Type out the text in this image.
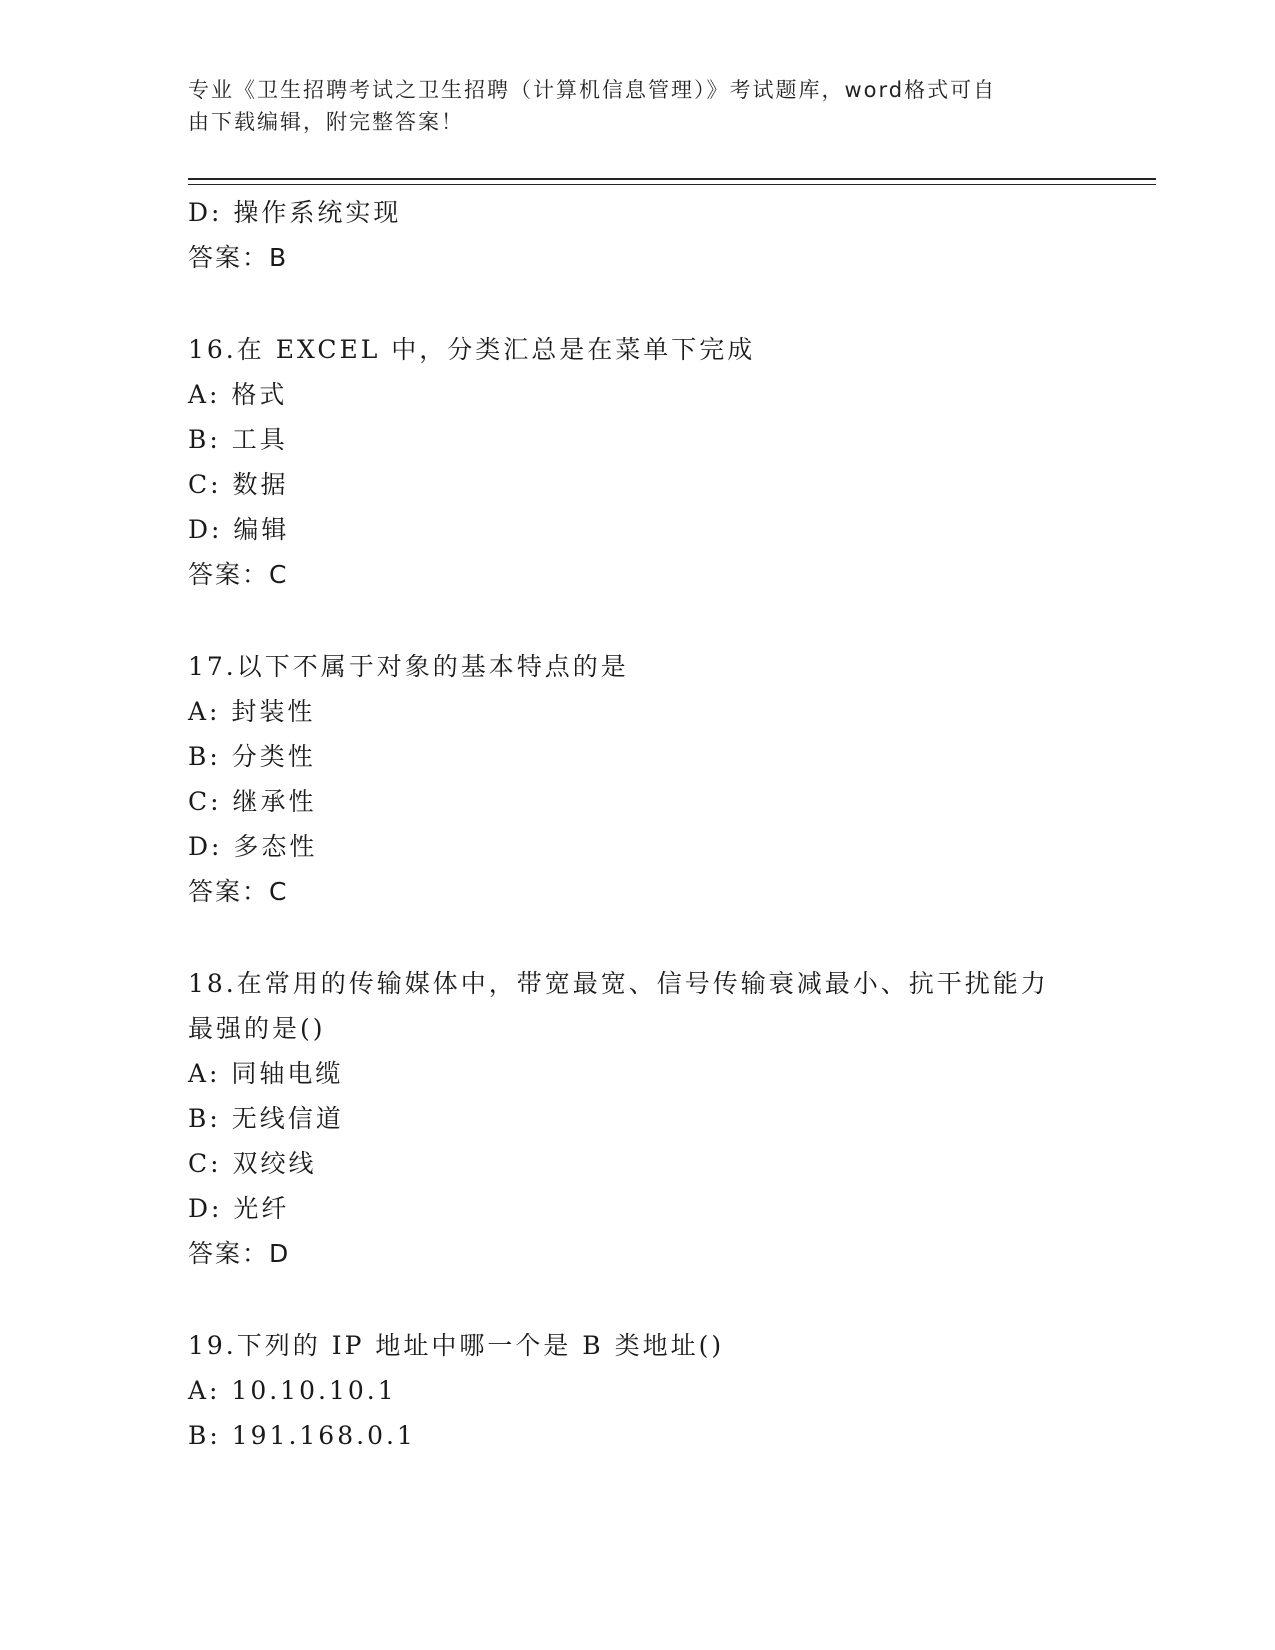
专业《卫生招聘考试之卫生招聘（计算机信息管理）》考试题库，word格式可自
由下载编辑，附完整答案！
D: 操作系统实现
答案：B
16.在 EXCEL 中，分类汇总是在菜单下完成
A: 格式
B: 工具
C: 数据
D: 编辑
答案：C
17.以下不属于对象的基本特点的是
A: 封装性
B: 分类性
C: 继承性
D: 多态性
答案：C
18.在常用的传输媒体中，带宽最宽、信号传输衰减最小、抗干扰能力
最强的是()
A: 同轴电缆
B: 无线信道
C: 双绞线
D: 光纤
答案：D
19.下列的 IP 地址中哪一个是 B 类地址()
A: 10.10.10.1
B: 191.168.0.1
